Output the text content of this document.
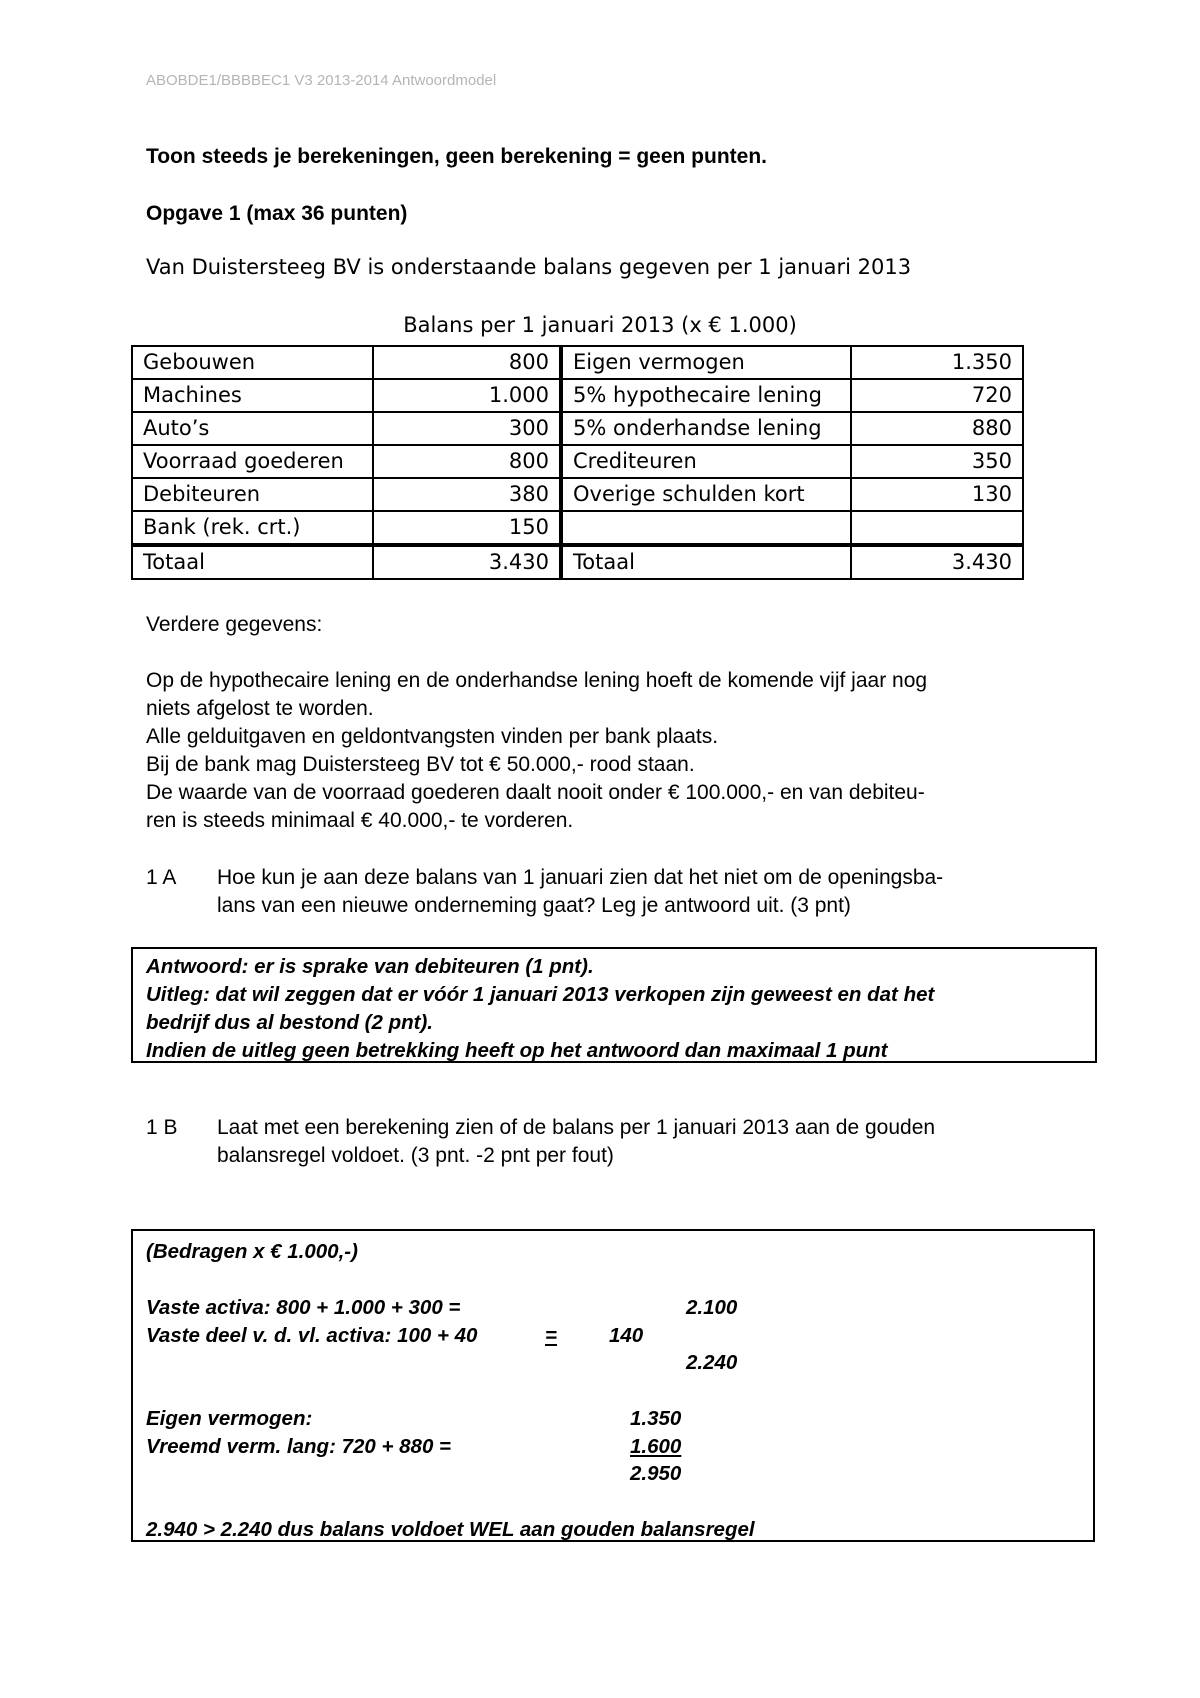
ABOBDE1/BBBBEC1 V3 2013-2014 Antwoordmodel
Toon steeds je berekeningen, geen berekening = geen punten.
Opgave 1 (max 36 punten)
Van Duistersteeg BV is onderstaande balans gegeven per 1 januari 2013
Balans per 1 januari 2013 (x € 1.000)
Gebouwen	800	Eigen vermogen	1.350
Machines	1.000	5% hypothecaire lening	720
Auto’s	300	5% onderhandse lening	880
Voorraad goederen	800	Crediteuren	350
Debiteuren	380	Overige schulden kort	130
Bank (rek. crt.)	150		
Totaal	3.430	Totaal	3.430
Verdere gegevens:
Op de hypothecaire lening en de onderhandse lening hoeft de komende vijf jaar nog
niets afgelost te worden.
Alle gelduitgaven en geldontvangsten vinden per bank plaats.
Bij de bank mag Duistersteeg BV tot € 50.000,- rood staan.
De waarde van de voorraad goederen daalt nooit onder € 100.000,- en van debiteu-
ren is steeds minimaal € 40.000,- te vorderen.
1 A	Hoe kun je aan deze balans van 1 januari zien dat het niet om de openingsba-
lans van een nieuwe onderneming gaat? Leg je antwoord uit. (3 pnt)
Antwoord: er is sprake van debiteuren (1 pnt).
Uitleg: dat wil zeggen dat er vóór 1 januari 2013 verkopen zijn geweest en dat het
bedrijf dus al bestond (2 pnt).
Indien de uitleg geen betrekking heeft op het antwoord dan maximaal 1 punt
1 B	Laat met een berekening zien of de balans per 1 januari 2013 aan de gouden
balansregel voldoet. (3 pnt. -2 pnt per fout)
(Bedragen x € 1.000,-)
Vaste activa: 800 + 1.000 + 300 =	2.100
Vaste deel v. d. vl. activa: 100 + 40	=	140
2.240
Eigen vermogen:	1.350
Vreemd verm. lang: 720 + 880 =	1.600
2.950
2.940 > 2.240 dus balans voldoet WEL aan gouden balansregel
